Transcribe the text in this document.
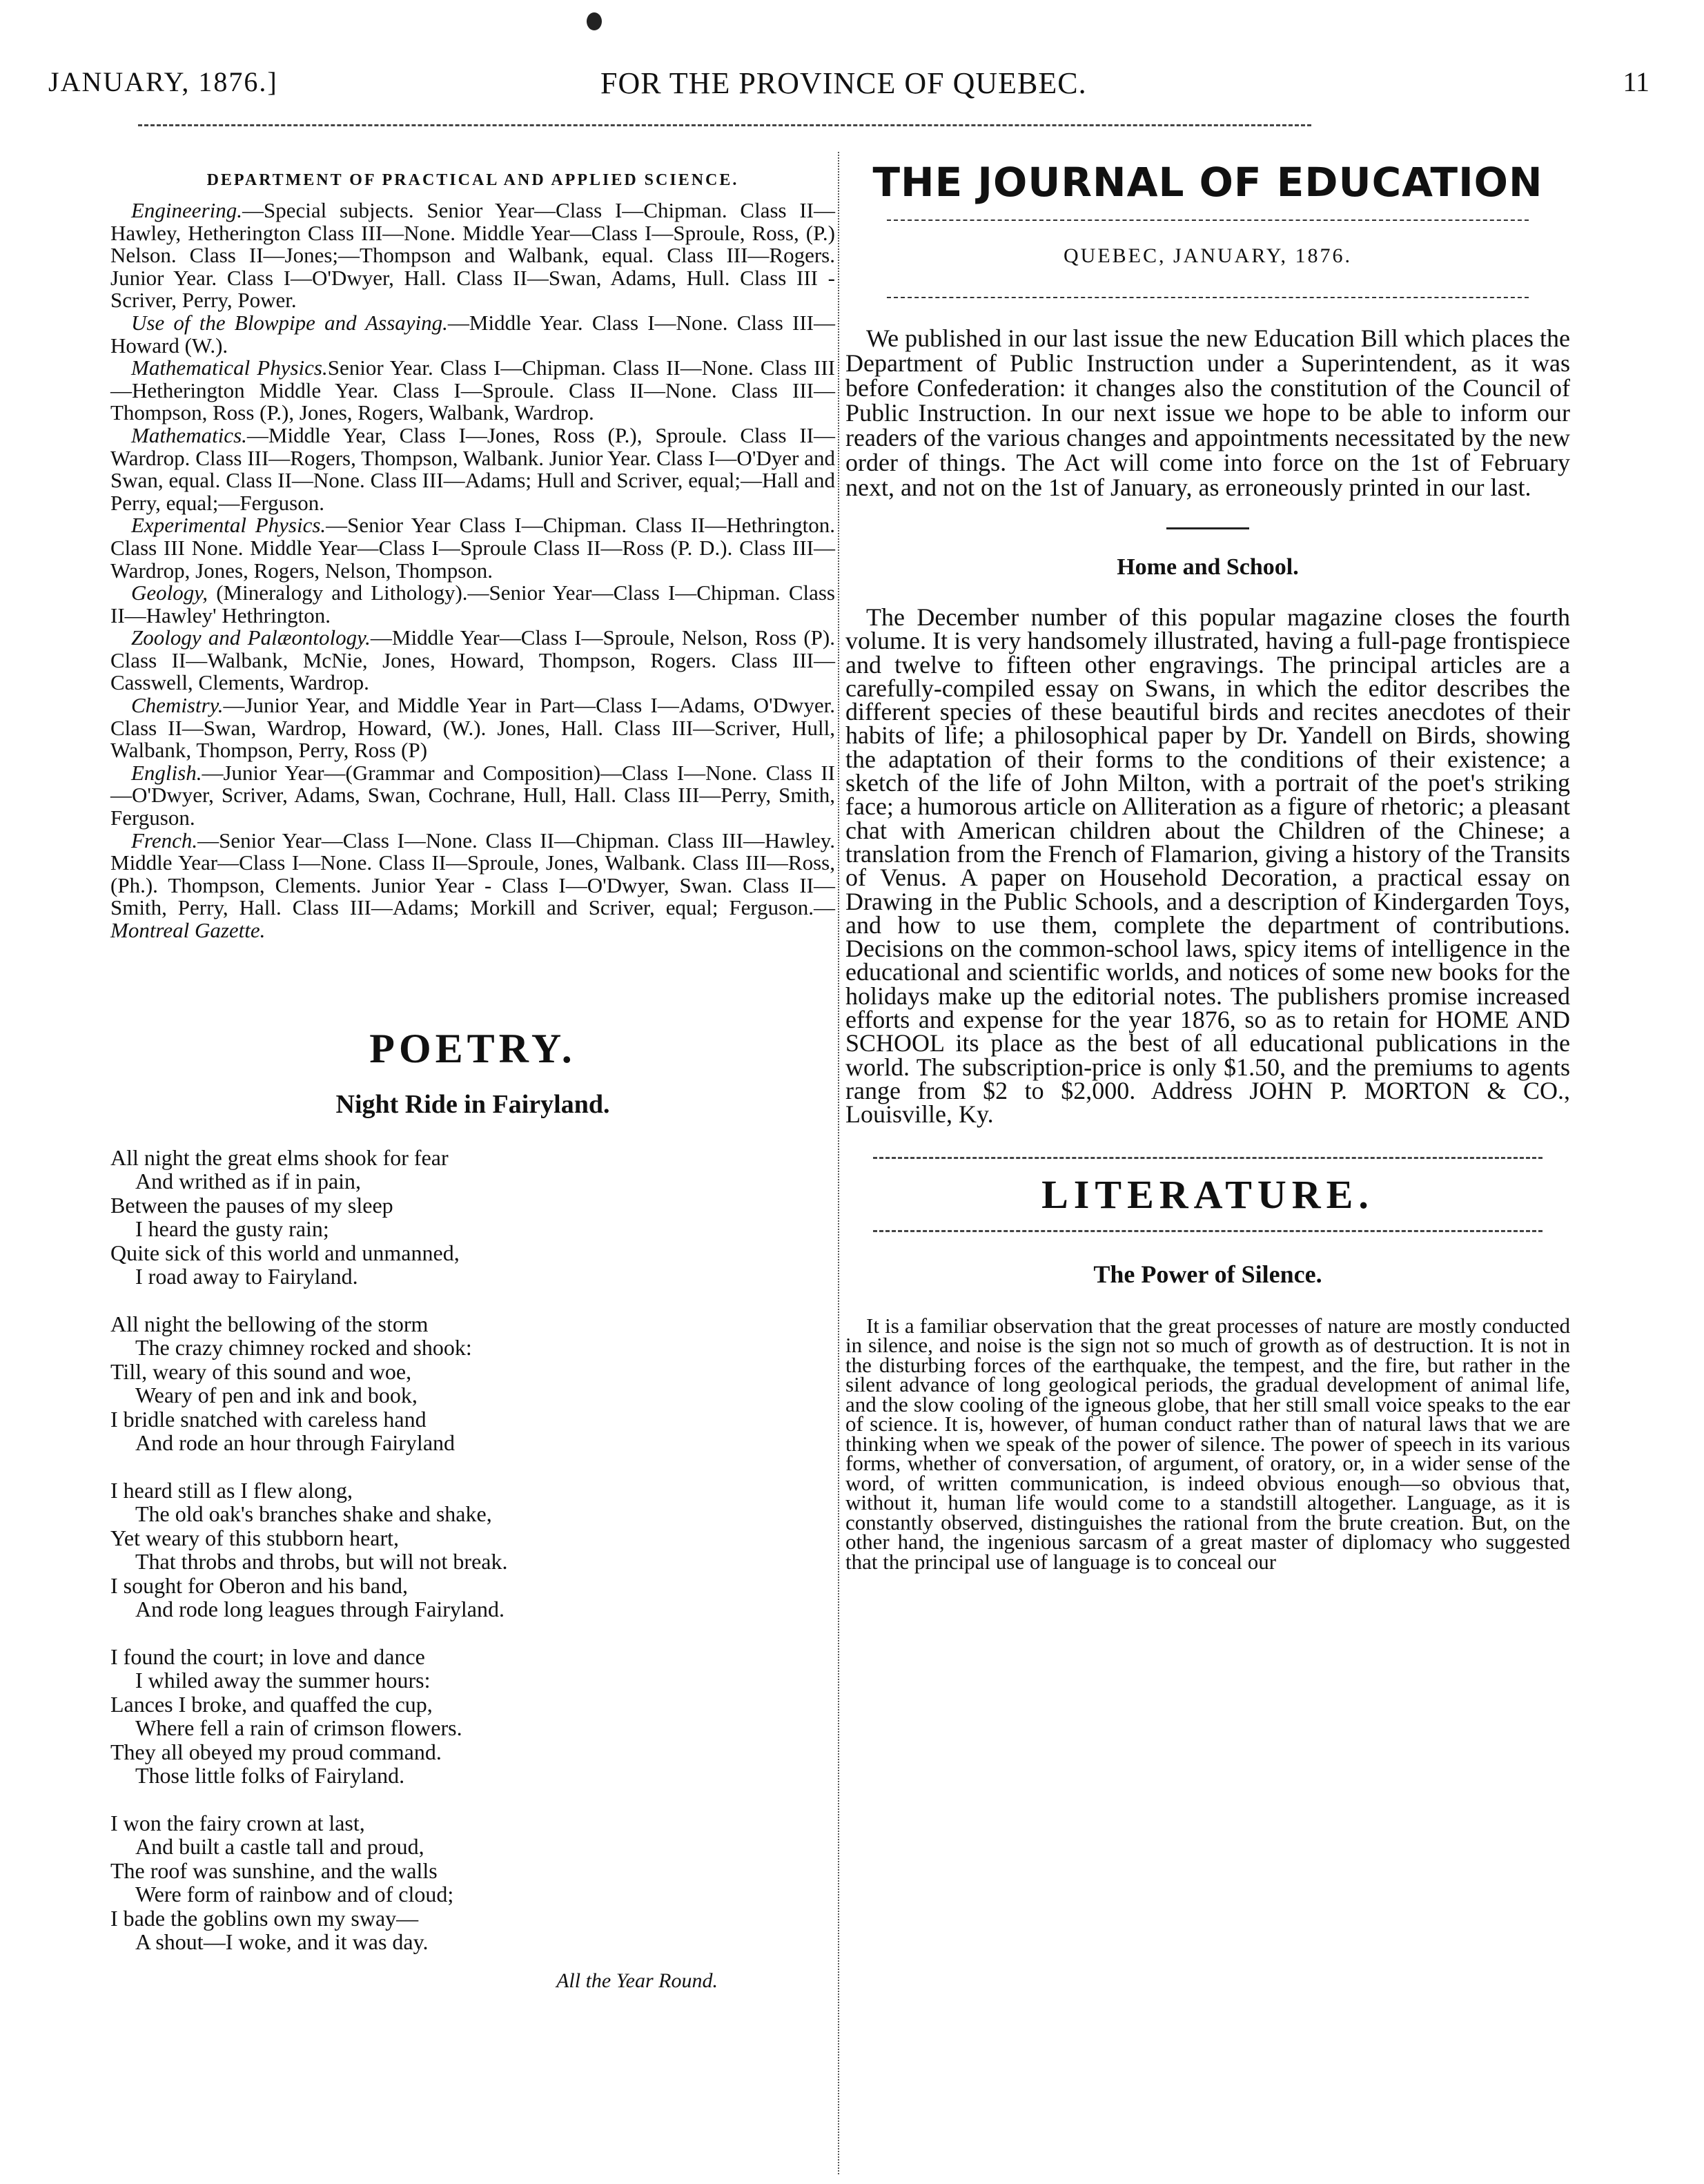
JANUARY, 1876.]	FOR THE PROVINCE OF QUEBEC.	11
DEPARTMENT OF PRACTICAL AND APPLIED SCIENCE.

Engineering.—Special subjects. Senior Year—Class I—Chipman. Class II—Hawley, Hetherington Class III—None. Middle Year—Class I—Sproule, Ross, (P.) Nelson. Class II—Jones;—Thompson and Walbank, equal. Class III—Rogers. Junior Year. Class I—O'Dwyer, Hall. Class II—Swan, Adams, Hull. Class III - Scriver, Perry, Power.

Use of the Blowpipe and Assaying.—Middle Year. Class I—None. Class III—Howard (W.).

Mathematical Physics.Senior Year. Class I—Chipman. Class II—None. Class III—Hetherington Middle Year. Class I—Sproule. Class II—None. Class III—Thompson, Ross (P.), Jones, Rogers, Walbank, Wardrop.

Mathematics.—Middle Year, Class I—Jones, Ross (P.), Sproule. Class II—Wardrop. Class III—Rogers, Thompson, Walbank. Junior Year. Class I—O'Dyer and Swan, equal. Class II—None. Class III—Adams; Hull and Scriver, equal;—Hall and Perry, equal;—Ferguson.

Experimental Physics.—Senior Year Class I—Chipman. Class II—Hethrington. Class III None. Middle Year—Class I—Sproule Class II—Ross (P. D.). Class III—Wardrop, Jones, Rogers, Nelson, Thompson.

Geology, (Mineralogy and Lithology).—Senior Year—Class I—Chipman. Class II—Hawley' Hethrington.

Zoology and Palæontology.—Middle Year—Class I—Sproule, Nelson, Ross (P). Class II—Walbank, McNie, Jones, Howard, Thompson, Rogers. Class III—Casswell, Clements, Wardrop.

Chemistry.—Junior Year, and Middle Year in Part—Class I—Adams, O'Dwyer. Class II—Swan, Wardrop, Howard, (W.). Jones, Hall. Class III—Scriver, Hull, Walbank, Thompson, Perry, Ross (P)

English.—Junior Year—(Grammar and Composition)—Class I—None. Class II—O'Dwyer, Scriver, Adams, Swan, Cochrane, Hull, Hall. Class III—Perry, Smith, Ferguson.

French.—Senior Year—Class I—None. Class II—Chipman. Class III—Hawley. Middle Year—Class I—None. Class II—Sproule, Jones, Walbank. Class III—Ross, (Ph.). Thompson, Clements. Junior Year - Class I—O'Dwyer, Swan. Class II—Smith, Perry, Hall. Class III—Adams; Morkill and Scriver, equal; Ferguson.—Montreal Gazette.

POETRY.
Night Ride in Fairyland.
All night the great elms shook for fear
And writhed as if in pain,
Between the pauses of my sleep
I heard the gusty rain;
Quite sick of this world and unmanned,
I road away to Fairyland.
All night the bellowing of the storm
The crazy chimney rocked and shook:
Till, weary of this sound and woe,
Weary of pen and ink and book,
I bridle snatched with careless hand
And rode an hour through Fairyland
I heard still as I flew along,
The old oak's branches shake and shake,
Yet weary of this stubborn heart,
That throbs and throbs, but will not break.
I sought for Oberon and his band,
And rode long leagues through Fairyland.
I found the court; in love and dance
I whiled away the summer hours:
Lances I broke, and quaffed the cup,
Where fell a rain of crimson flowers.
They all obeyed my proud command.
Those little folks of Fairyland.
I won the fairy crown at last,
And built a castle tall and proud,
The roof was sunshine, and the walls
Were form of rainbow and of cloud;
I bade the goblins own my sway—
A shout—I woke, and it was day.
All the Year Round.
THE JOURNAL OF EDUCATION
QUEBEC, JANUARY, 1876.

We published in our last issue the new Education Bill which places the Department of Public Instruction under a Superintendent, as it was before Confederation: it changes also the constitution of the Council of Public Instruction. In our next issue we hope to be able to inform our readers of the various changes and appointments necessitated by the new order of things. The Act will come into force on the 1st of February next, and not on the 1st of January, as erroneously printed in our last.

Home and School.

The December number of this popular magazine closes the fourth volume. It is very handsomely illustrated, having a full-page frontispiece and twelve to fifteen other engravings. The principal articles are a carefully-compiled essay on Swans, in which the editor describes the different species of these beautiful birds and recites anecdotes of their habits of life; a philosophical paper by Dr. Yandell on Birds, showing the adaptation of their forms to the conditions of their existence; a sketch of the life of John Milton, with a portrait of the poet's striking face; a humorous article on Alliteration as a figure of rhetoric; a pleasant chat with American children about the Children of the Chinese; a translation from the French of Flamarion, giving a history of the Transits of Venus. A paper on Household Decoration, a practical essay on Drawing in the Public Schools, and a description of Kindergarden Toys, and how to use them, complete the department of contributions. Decisions on the common-school laws, spicy items of intelligence in the educational and scientific worlds, and notices of some new books for the holidays make up the editorial notes. The publishers promise increased efforts and expense for the year 1876, so as to retain for HOME AND SCHOOL its place as the best of all educational publications in the world. The subscription-price is only $1.50, and the premiums to agents range from $2 to $2,000. Address JOHN P. MORTON & CO., Louisville, Ky.

LITERATURE.
The Power of Silence.

It is a familiar observation that the great processes of nature are mostly conducted in silence, and noise is the sign not so much of growth as of destruction. It is not in the disturbing forces of the earthquake, the tempest, and the fire, but rather in the silent advance of long geological periods, the gradual development of animal life, and the slow cooling of the igneous globe, that her still small voice speaks to the ear of science. It is, however, of human conduct rather than of natural laws that we are thinking when we speak of the power of silence. The power of speech in its various forms, whether of conversation, of argument, of oratory, or, in a wider sense of the word, of written communication, is indeed obvious enough—so obvious that, without it, human life would come to a standstill altogether. Language, as it is constantly observed, distinguishes the rational from the brute creation. But, on the other hand, the ingenious sarcasm of a great master of diplomacy who suggested that the principal use of language is to conceal our
